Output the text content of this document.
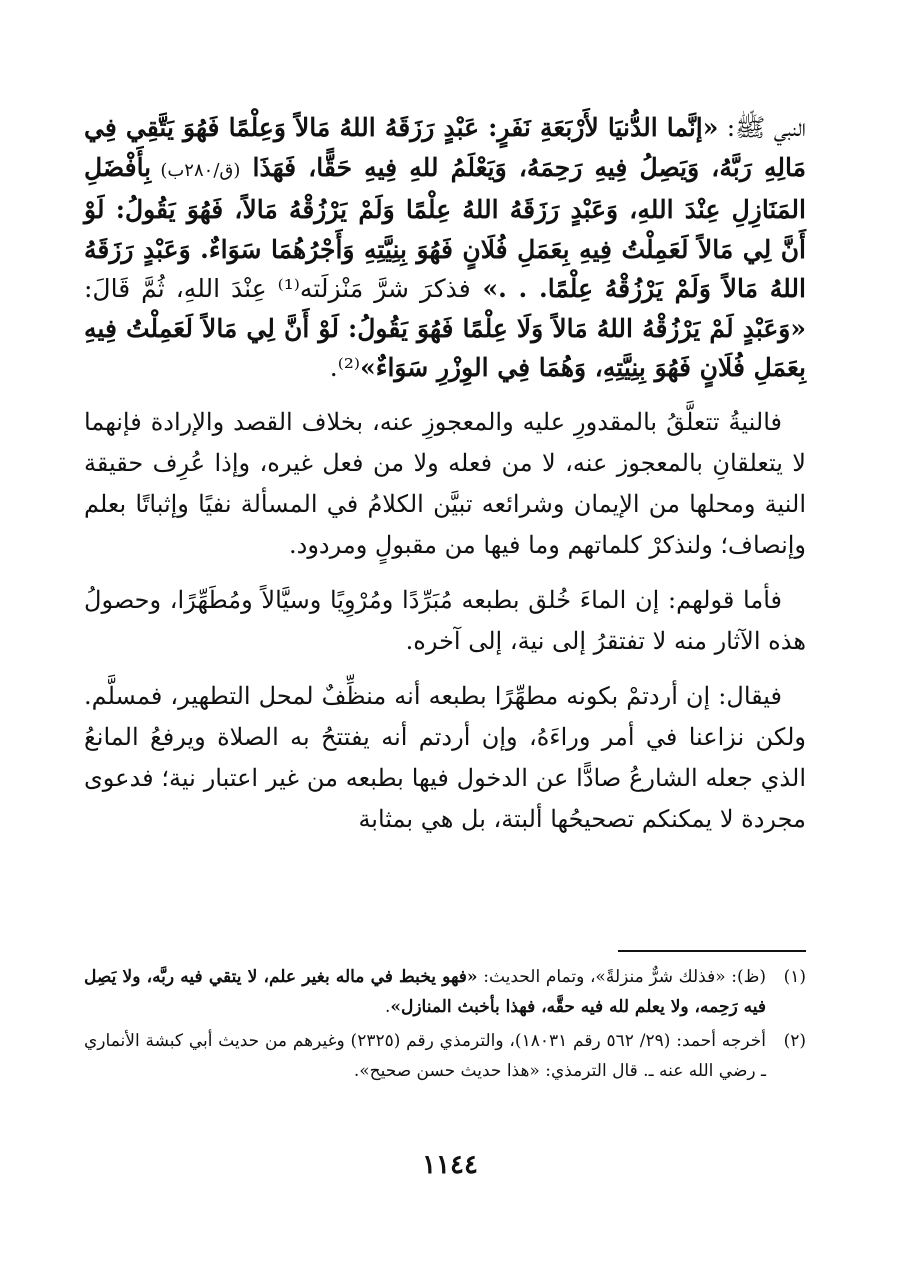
النبي ﷺ: «إنَّما الدُّنيَا لأَرْبَعَةِ نَفَرٍ: عَبْدٍ رَزَقَهُ اللهُ مَالاً وَعِلْمًا فَهُوَ يَتَّقِي فِي مَالِهِ رَبَّهُ، وَيَصِلُ فِيهِ رَحِمَهُ، وَيَعْلَمُ للهِ فِيهِ حَقًّا، فَهَذَا (ق/٢٨٠ب) بِأَفْضَلِ المَنَازِلِ عِنْدَ اللهِ، وَعَبْدٍ رَزَقَهُ اللهُ عِلْمًا وَلَمْ يَرْزُقْهُ مَالاً، فَهُوَ يَقُولُ: لَوْ أَنَّ لِي مَالاً لَعَمِلْتُ فِيهِ بِعَمَلِ فُلَانٍ فَهُوَ بِنِيَّتِهِ وَأَجْرُهُمَا سَوَاءٌ. وَعَبْدٍ رَزَقَهُ اللهُ مَالاً وَلَمْ يَرْزُقْهُ عِلْمًا. . .» فذكرَ شرَّ مَنْزلَته⁽¹⁾ عِنْدَ اللهِ، ثُمَّ قَالَ: «وَعَبْدٍ لَمْ يَرْزُقْهُ اللهُ مَالاً وَلَا عِلْمًا فَهُوَ يَقُولُ: لَوْ أَنَّ لِي مَالاً لَعَمِلْتُ فِيهِ بِعَمَلِ فُلَانٍ فَهُوَ بِنِيَّتِهِ، وَهُمَا فِي الوِزْرِ سَوَاءٌ»⁽²⁾.

فالنيةُ تتعلَّقُ بالمقدورِ عليه والمعجوزِ عنه، بخلاف القصد والإرادة فإنهما لا يتعلقانِ بالمعجوز عنه، لا من فعله ولا من فعل غيره، وإذا عُرِف حقيقة النية ومحلها من الإيمان وشرائعه تبيَّن الكلامُ في المسألة نفيًا وإثباتًا بعلم وإنصاف؛ ولنذكرْ كلماتهم وما فيها من مقبولٍ ومردود.

فأما قولهم: إن الماءَ خُلق بطبعه مُبَرِّدًا ومُرْوِيًا وسيَّالاً ومُطَهِّرًا، وحصولُ هذه الآثار منه لا تفتقرُ إلى نية، إلى آخره.

فيقال: إن أردتمْ بكونه مطهِّرًا بطبعه أنه منظِّفٌ لمحل التطهير، فمسلَّم. ولكن نزاعنا في أمر وراءَهُ، وإن أردتم أنه يفتتحُ به الصلاة ويرفعُ المانعُ الذي جعله الشارعُ صادًّا عن الدخول فيها بطبعه من غير اعتبار نية؛ فدعوى مجردة لا يمكنكم تصحيحُها ألبتة، بل هي بمثابة

(١)
(ظ): «فذلك شرٌّ منزلةً»، وتمام الحديث: «فهو يخبط في ماله بغير علم، لا يتقي فيه ربَّه، ولا يَصِل فيه رَحِمه، ولا يعلم لله فيه حقَّه، فهذا بأخبث المنازل».
(٢)
أخرجه أحمد: (٢٩/ ٥٦٢ رقم ١٨٠٣١)، والترمذي رقم (٢٣٢٥) وغيرهم من حديث أبي كبشة الأنماري ـ رضي الله عنه ـ. قال الترمذي: «هذا حديث حسن صحيح».
١١٤٤
